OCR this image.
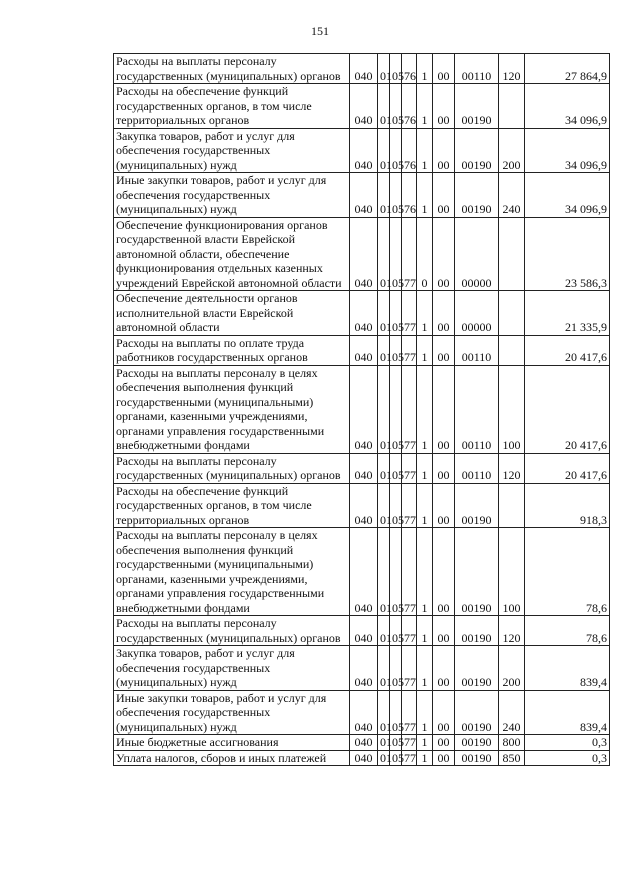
151
Расходы на выплаты персоналу государственных (муниципальных) органов	040	01	05	76	1	00	00110	120	27 864,9
Расходы на обеспечение функций государственных органов, в том числе территориальных органов	040	01	05	76	1	00	00190		34 096,9
Закупка товаров, работ и услуг для обеспечения государственных (муниципальных) нужд	040	01	05	76	1	00	00190	200	34 096,9
Иные закупки товаров, работ и услуг для обеспечения государственных (муниципальных) нужд	040	01	05	76	1	00	00190	240	34 096,9
Обеспечение функционирования органов государственной власти Еврейской автономной области, обеспечение функционирования отдельных казенных учреждений Еврейской автономной области	040	01	05	77	0	00	00000		23 586,3
Обеспечение деятельности органов исполнительной власти Еврейской автономной области	040	01	05	77	1	00	00000		21 335,9
Расходы на выплаты по оплате труда работников государственных органов	040	01	05	77	1	00	00110		20 417,6
Расходы на выплаты персоналу в целях обеспечения выполнения функций государственными (муниципальными) органами, казенными учреждениями, органами управления государственными внебюджетными фондами	040	01	05	77	1	00	00110	100	20 417,6
Расходы на выплаты персоналу государственных (муниципальных) органов	040	01	05	77	1	00	00110	120	20 417,6
Расходы на обеспечение функций государственных органов, в том числе территориальных органов	040	01	05	77	1	00	00190		918,3
Расходы на выплаты персоналу в целях обеспечения выполнения функций государственными (муниципальными) органами, казенными учреждениями, органами управления государственными внебюджетными фондами	040	01	05	77	1	00	00190	100	78,6
Расходы на выплаты персоналу государственных (муниципальных) органов	040	01	05	77	1	00	00190	120	78,6
Закупка товаров, работ и услуг для обеспечения государственных (муниципальных) нужд	040	01	05	77	1	00	00190	200	839,4
Иные закупки товаров, работ и услуг для обеспечения государственных (муниципальных) нужд	040	01	05	77	1	00	00190	240	839,4
Иные бюджетные ассигнования	040	01	05	77	1	00	00190	800	0,3
Уплата налогов, сборов и иных платежей	040	01	05	77	1	00	00190	850	0,3
